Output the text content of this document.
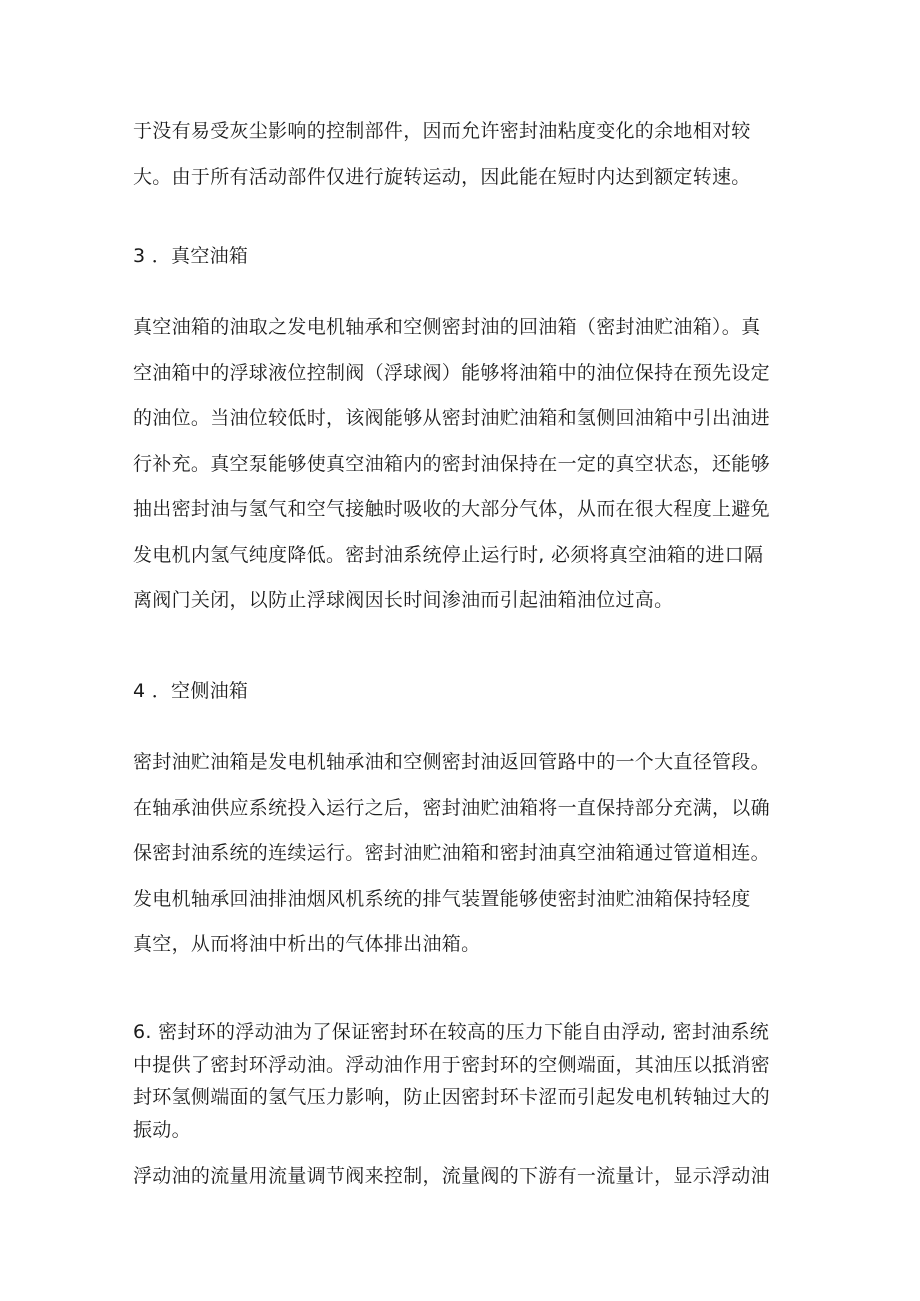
于没有易受灰尘影响的控制部件，因而允许密封油粘度变化的余地相对较
大。由于所有活动部件仅进行旋转运动，因此能在短时内达到额定转速。
3 ．真空油箱
真空油箱的油取之发电机轴承和空侧密封油的回油箱（密封油贮油箱）。真
空油箱中的浮球液位控制阀（浮球阀）能够将油箱中的油位保持在预先设定
的油位。当油位较低时，该阀能够从密封油贮油箱和氢侧回油箱中引出油进
行补充。真空泵能够使真空油箱内的密封油保持在一定的真空状态，还能够
抽出密封油与氢气和空气接触时吸收的大部分气体，从而在很大程度上避免
发电机内氢气纯度降低。密封油系统停止运行时, 必须将真空油箱的进口隔
离阀门关闭，以防止浮球阀因长时间渗油而引起油箱油位过高。
4 ．空侧油箱
密封油贮油箱是发电机轴承油和空侧密封油返回管路中的一个大直径管段。
在轴承油供应系统投入运行之后，密封油贮油箱将一直保持部分充满，以确
保密封油系统的连续运行。密封油贮油箱和密封油真空油箱通过管道相连。
发电机轴承回油排油烟风机系统的排气装置能够使密封油贮油箱保持轻度
真空，从而将油中析出的气体排出油箱。
6. 密封环的浮动油为了保证密封环在较高的压力下能自由浮动, 密封油系统
中提供了密封环浮动油。浮动油作用于密封环的空侧端面，其油压以抵消密
封环氢侧端面的氢气压力影响，防止因密封环卡涩而引起发电机转轴过大的
振动。
浮动油的流量用流量调节阀来控制，流量阀的下游有一流量计，显示浮动油
